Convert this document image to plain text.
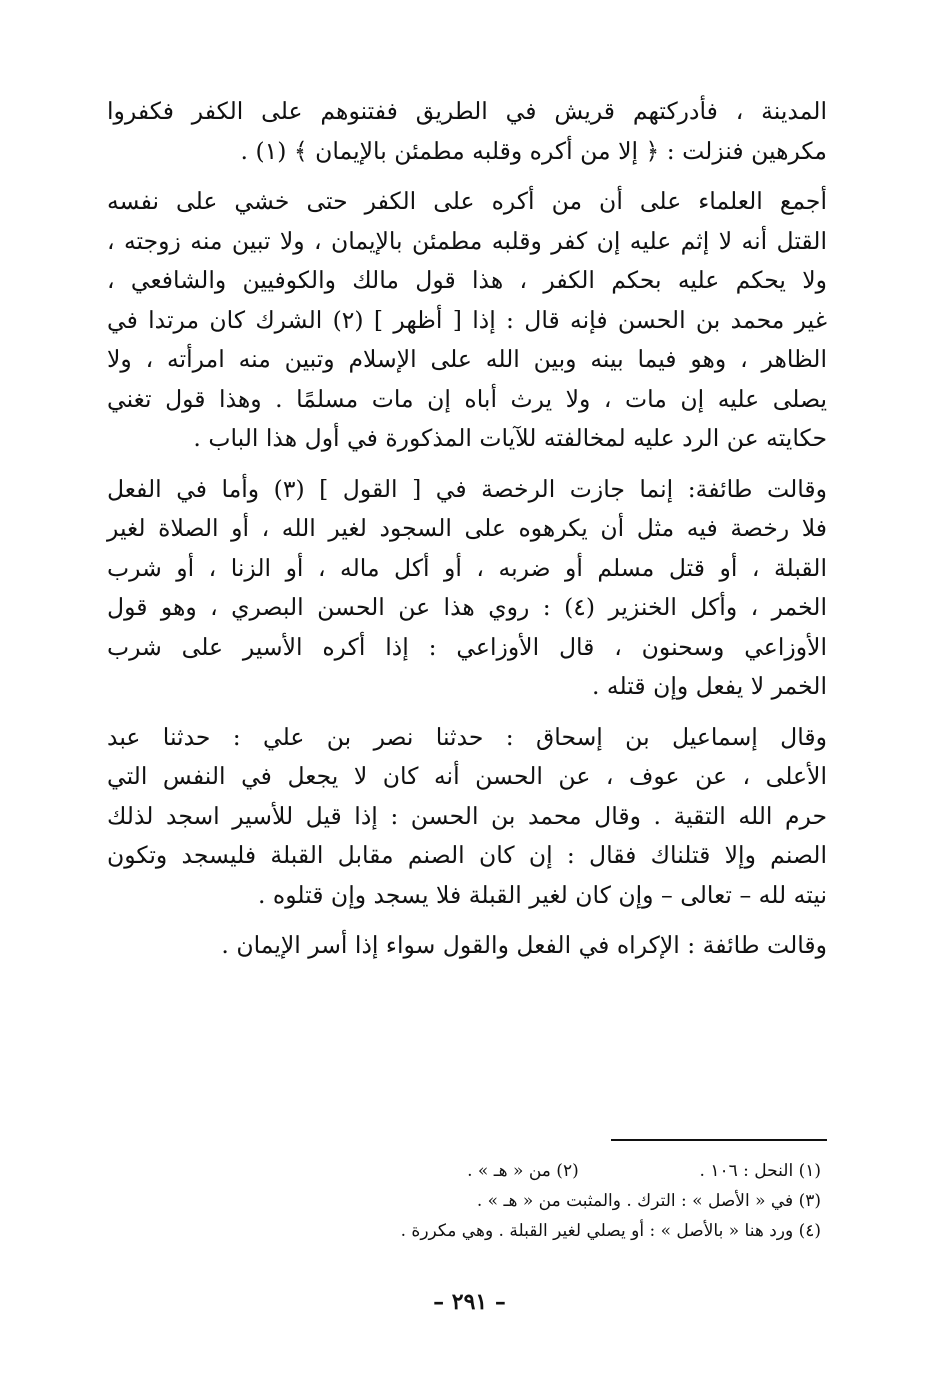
المدينة ، فأدركتهم قريش في الطريق ففتنوهم على الكفر فكفروا
مكرهين فنزلت : ﴿ إلا من أكره وقلبه مطمئن بالإيمان ﴾ (١) .
أجمع العلماء على أن من أكره على الكفر حتى خشي على نفسه
القتل أنه لا إثم عليه إن كفر وقلبه مطمئن بالإيمان ، ولا تبين منه زوجته ،
ولا يحكم عليه بحكم الكفر ، هذا قول مالك والكوفيين والشافعي ،
غير محمد بن الحسن فإنه قال : إذا [ أظهر ] (٢) الشرك كان مرتدا في
الظاهر ، وهو فيما بينه وبين الله على الإسلام وتبين منه امرأته ، ولا
يصلى عليه إن مات ، ولا يرث أباه إن مات مسلمًا . وهذا قول تغني
حكايته عن الرد عليه لمخالفته للآيات المذكورة في أول هذا الباب .
وقالت طائفة: إنما جازت الرخصة في [ القول ] (٣) وأما في الفعل
فلا رخصة فيه مثل أن يكرهوه على السجود لغير الله ، أو الصلاة لغير
القبلة ، أو قتل مسلم أو ضربه ، أو أكل ماله ، أو الزنا ، أو شرب
الخمر ، وأكل الخنزير (٤) : روي هذا عن الحسن البصري ، وهو قول
الأوزاعي وسحنون ، قال الأوزاعي : إذا أكره الأسير على شرب
الخمر لا يفعل وإن قتله .
وقال إسماعيل بن إسحاق : حدثنا نصر بن علي : حدثنا عبد
الأعلى ، عن عوف ، عن الحسن أنه كان لا يجعل في النفس التي
حرم الله التقية . وقال محمد بن الحسن : إذا قيل للأسير اسجد لذلك
الصنم وإلا قتلناك فقال : إن كان الصنم مقابل القبلة فليسجد وتكون
نيته لله – تعالى – وإن كان لغير القبلة فلا يسجد وإن قتلوه .
وقالت طائفة : الإكراه في الفعل والقول سواء إذا أسر الإيمان .
(١) النحل : ١٠٦ .  (٢) من « هـ » .
(٣) في « الأصل » : الترك . والمثبت من « هـ » .
(٤) ورد هنا « بالأصل » : أو يصلي لغير القبلة . وهي مكررة .
– ٢٩١ –
